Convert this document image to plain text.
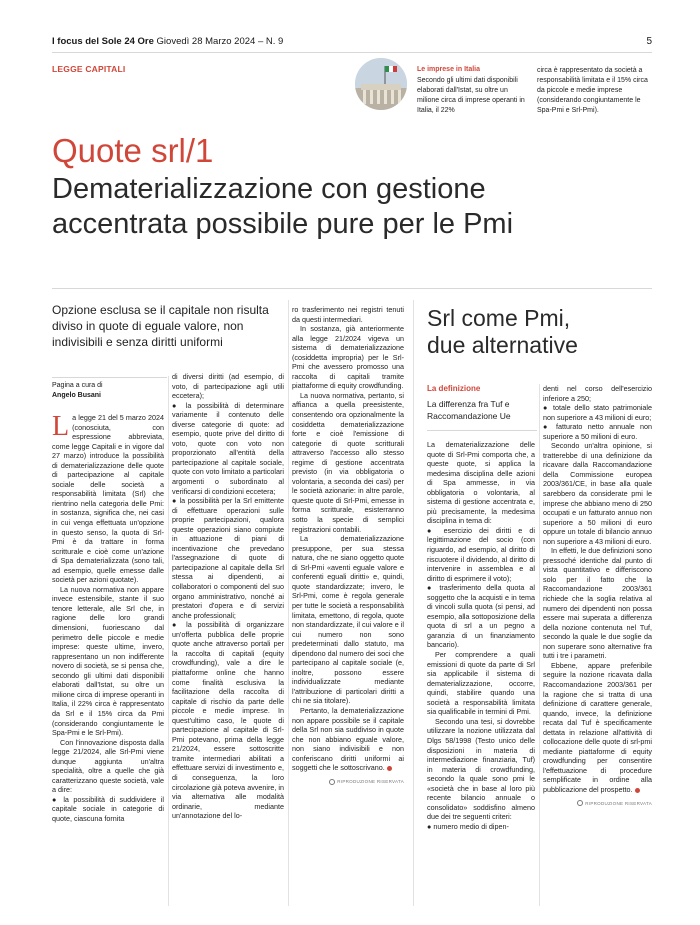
I focus del Sole 24 Ore Giovedì 28 Marzo 2024 – N. 9	5
LEGGE CAPITALI	Le imprese in Italia
Secondo gli ultimi dati disponibili elaborati dall'Istat, su oltre un milione circa di imprese operanti in Italia, il 22%
circa è rappresentato da società a responsabilità limitata e il 15% circa da piccole e medie imprese (considerando congiuntamente le Spa-Pmi e Srl-Pmi).
Quote srl/1
Dematerializzazione con gestione
accentrata possibile pure per le Pmi
Opzione esclusa se il capitale non risulta diviso in quote di eguale valore, non indivisibili e senza diritti uniformi
Pagina a cura di
Angelo Busani
L a legge 21 del 5 marzo 2024 (conosciuta, con espressione abbreviata, come legge Capitali e in vigore dal 27 marzo) introduce la possibilità di dematerializzazione delle quote di partecipazione al capitale sociale delle società a responsabilità limitata (Srl) che rientrino nella categoria delle Pmi: in sostanza, significa che, nei casi in cui venga effettuata un'opzione in questo senso, la quota di Srl-Pmi è da trattare in forma scritturale e cioè come un'azione di Spa dematerializzata (sono tali, ad esempio, quelle emesse dalle società per azioni quotate).

La nuova normativa non appare invece estensibile, stante il suo tenore letterale, alle Srl che, in ragione delle loro grandi dimensioni, fuoriescano dal perimetro delle piccole e medie imprese: queste ultime, invero, rappresentano un non indifferente novero di società, se si pensa che, secondo gli ultimi dati disponibili elaborati dall'Istat, su oltre un milione circa di imprese operanti in Italia, il 22% circa è rappresentato da Srl e il 15% circa da Pmi (considerando congiuntamente le Spa-Pmi e le Srl-Pmi).

Con l'innovazione disposta dalla legge 21/2024, alle Srl-Pmi viene dunque aggiunta un'altra specialità, oltre a quelle che già caratterizzano queste società, vale a dire:

● la possibilità di suddividere il capitale sociale in categorie di quote, ciascuna fornita

di diversi diritti (ad esempio, di voto, di partecipazione agli utili eccetera);

● la possibilità di determinare variamente il contenuto delle diverse categorie di quote: ad esempio, quote prive del diritto di voto, quote con voto non proporzionato all'entità della partecipazione al capitale sociale, quote con voto limitato a particolari argomenti o subordinato al verificarsi di condizioni eccetera;

● la possibilità per la Srl emittente di effettuare operazioni sulle proprie partecipazioni, qualora queste operazioni siano compiute in attuazione di piani di incentivazione che prevedano l'assegnazione di quote di partecipazione al capitale della Srl stessa ai dipendenti, ai collaboratori o componenti del suo organo amministrativo, nonché ai prestatori d'opera e di servizi anche professionali;

● la possibilità di organizzare un'offerta pubblica delle proprie quote anche attraverso portali per la raccolta di capitali (equity crowdfunding), vale a dire le piattaforme online che hanno come finalità esclusiva la facilitazione della raccolta di capitale di rischio da parte delle piccole e medie imprese. In quest'ultimo caso, le quote di partecipazione al capitale di Srl-Pmi potevano, prima della legge 21/2024, essere sottoscritte tramite intermediari abilitati a effettuare servizi di investimento e, di conseguenza, la loro circolazione già poteva avvenire, in via alternativa alle modalità ordinarie, mediante un'annotazione del lo-

ro trasferimento nei registri tenuti da questi intermediari.

In sostanza, già anteriormente alla legge 21/2024 vigeva un sistema di dematerializzazione (cosiddetta impropria) per le Srl-Pmi che avessero promosso una raccolta di capitali tramite piattaforme di equity crowdfunding.

La nuova normativa, pertanto, si affianca a quella preesistente, consentendo ora opzionalmente la cosiddetta dematerializzazione forte e cioè l'emissione di categorie di quote scritturali attraverso l'accesso allo stesso regime di gestione accentrata previsto (in via obbligatoria o volontaria, a seconda dei casi) per le società azionarie: in altre parole, queste quote di Srl-Pmi, emesse in forma scritturale, esisterranno sotto la specie di semplici registrazioni contabili.

La dematerializzazione presuppone, per sua stessa natura, che ne siano oggetto quote di Srl-Pmi «aventi eguale valore e conferenti eguali diritti» e, quindi, quote standardizzate; invero, le Srl-Pmi, come è regola generale per tutte le società a responsabilità limitata, emettono, di regola, quote non standardizzate, il cui valore e il cui numero non sono predeterminati dallo statuto, ma dipendono dal numero dei soci che partecipano al capitale sociale (e, inoltre, possono essere individualizzate mediante l'attribuzione di particolari diritti a chi ne sia titolare).

Pertanto, la dematerializzazione non appare possibile se il capitale della Srl non sia suddiviso in quote che non abbiano eguale valore, non siano indivisibili e non conferiscano diritti uniformi ai soggetti che le sottoscrivano.

RIPRODUZIONE RISERVATA
Srl come Pmi,
due alternative
La definizione
La differenza fra Tuf e Raccomandazione Ue

La dematerializzazione delle quote di Srl-Pmi comporta che, a queste quote, si applica la medesima disciplina delle azioni di Spa ammesse, in via obbligatoria o volontaria, al sistema di gestione accentrata e, più precisamente, la medesima disciplina in tema di:

● esercizio dei diritti e di legittimazione del socio (con riguardo, ad esempio, al diritto di riscuotere il dividendo, al diritto di intervenire in assemblea e al diritto di esprimere il voto);

● trasferimento della quota al soggetto che la acquisti e in tema di vincoli sulla quota (si pensi, ad esempio, alla sottoposizione della quota di srl a un pegno a garanzia di un finanziamento bancario).

Per comprendere a quali emissioni di quote da parte di Srl sia applicabile il sistema di dematerializzazione, occorre, quindi, stabilire quando una società a responsabilità limitata sia qualificabile in termini di Pmi.

Secondo una tesi, si dovrebbe utilizzare la nozione utilizzata dal Dlgs 58/1998 (Testo unico delle disposizioni in materia di intermediazione finanziaria, Tuf) in materia di crowdfunding, secondo la quale sono pmi le «società che in base al loro più recente bilancio annuale o consolidato» soddisfino almeno due dei tre seguenti criteri:

● numero medio di dipen-

denti nel corso dell'esercizio inferiore a 250;

● totale dello stato patrimoniale non superiore a 43 milioni di euro;

● fatturato netto annuale non superiore a 50 milioni di euro.

Secondo un'altra opinione, si tratterebbe di una definizione da ricavare dalla Raccomandazione della Commissione europea 2003/361/CE, in base alla quale sarebbero da considerate pmi le imprese che abbiano meno di 250 occupati e un fatturato annuo non superiore a 50 milioni di euro oppure un totale di bilancio annuo non superiore a 43 milioni di euro.

In effetti, le due definizioni sono pressoché identiche dal punto di vista quantitativo e differiscono solo per il fatto che la Raccomandazione 2003/361 richiede che la soglia relativa al numero dei dipendenti non possa essere mai superata a differenza della nozione contenuta nel Tuf, secondo la quale le due soglie da non superare sono alternative fra tutti i tre i parametri.

Ebbene, appare preferibile seguire la nozione ricavata dalla Raccomandazione 2003/361 per la ragione che si tratta di una definizione di carattere generale, quando, invece, la definizione recata dal Tuf è specificamente dettata in relazione all'attività di collocazione delle quote di srl-pmi mediante piattaforme di equity crowdfunding per consentire l'effettuazione di procedure semplificate in ordine alla pubblicazione del prospetto.

RIPRODUZIONE RISERVATA
